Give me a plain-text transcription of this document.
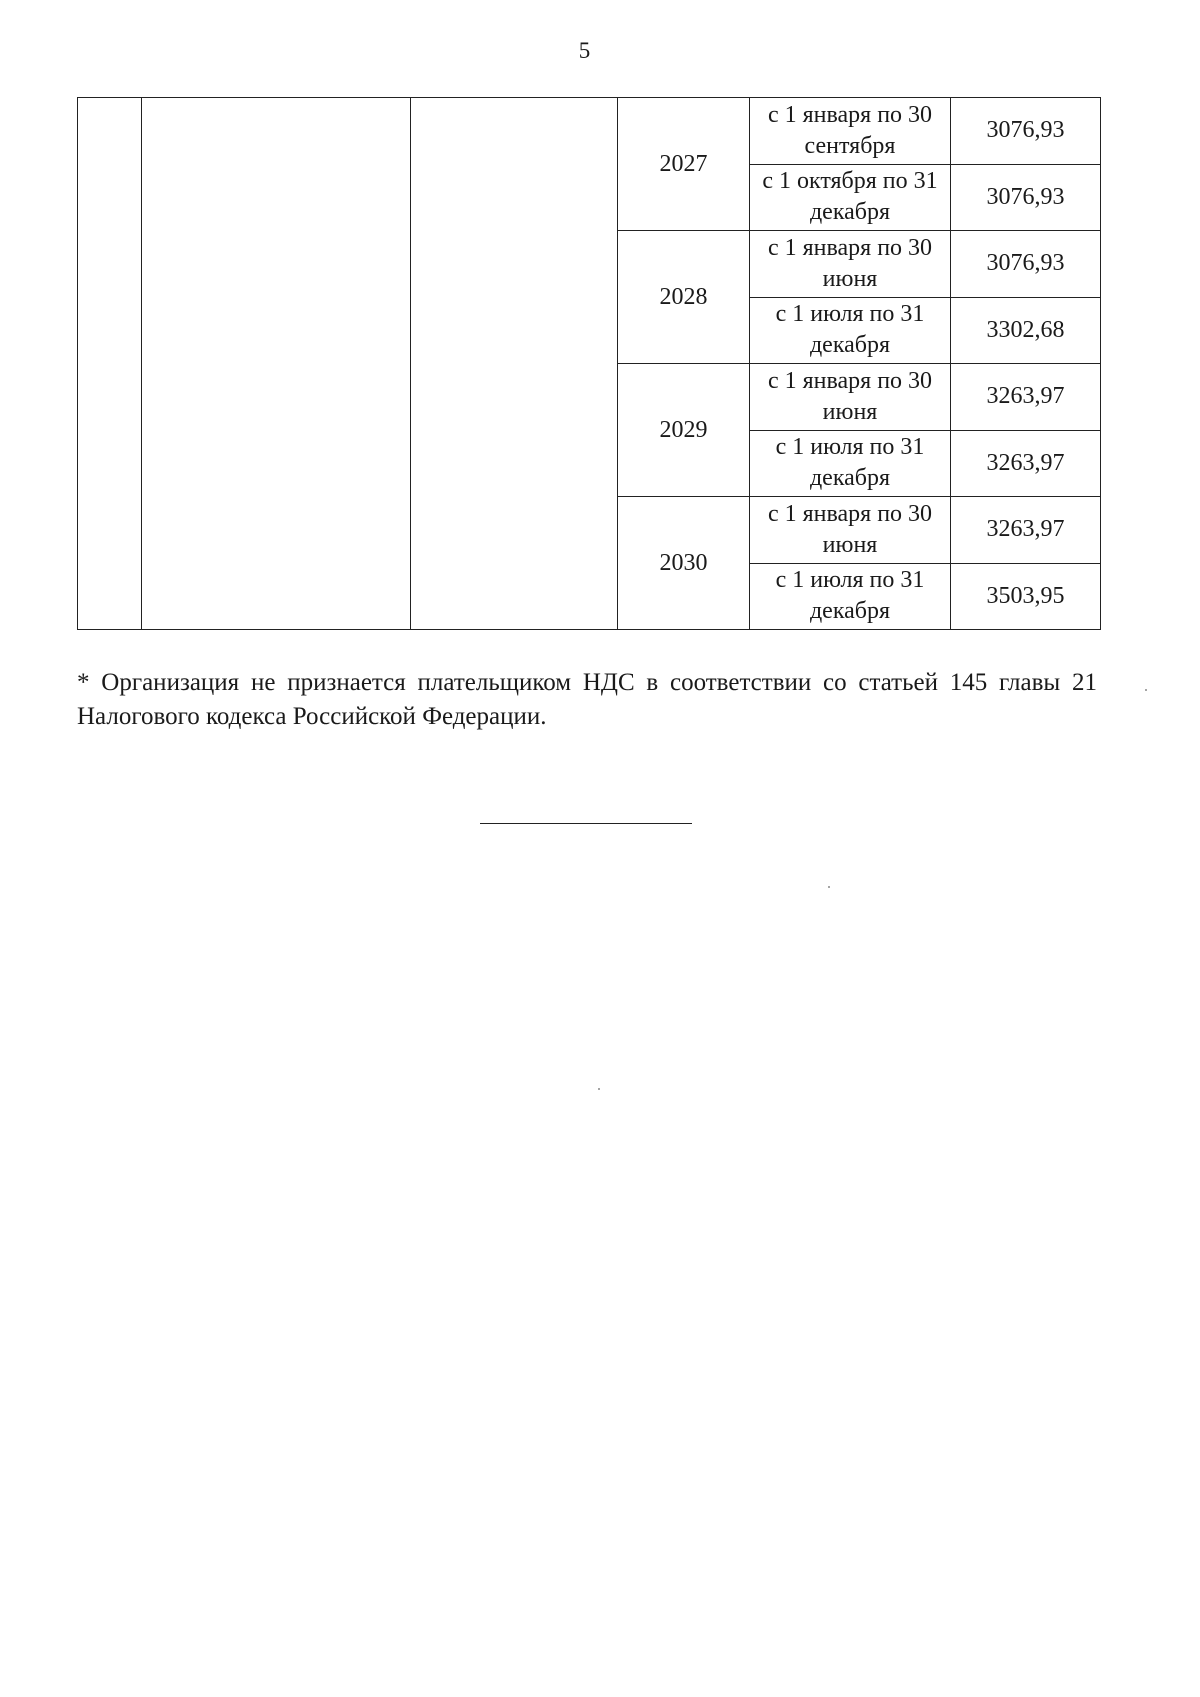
5
			2027	с 1 января по 30 сентября	3076,93
				с 1 октября по 31 декабря	3076,93
			2028	с 1 января по 30 июня	3076,93
				с 1 июля по 31 декабря	3302,68
			2029	с 1 января по 30 июня	3263,97
				с 1 июля по 31 декабря	3263,97
			2030	с 1 января по 30 июня	3263,97
				с 1 июля по 31 декабря	3503,95
* Организация не признается плательщиком НДС в соответствии со статьей 145 главы 21 Налогового кодекса Российской Федерации.
